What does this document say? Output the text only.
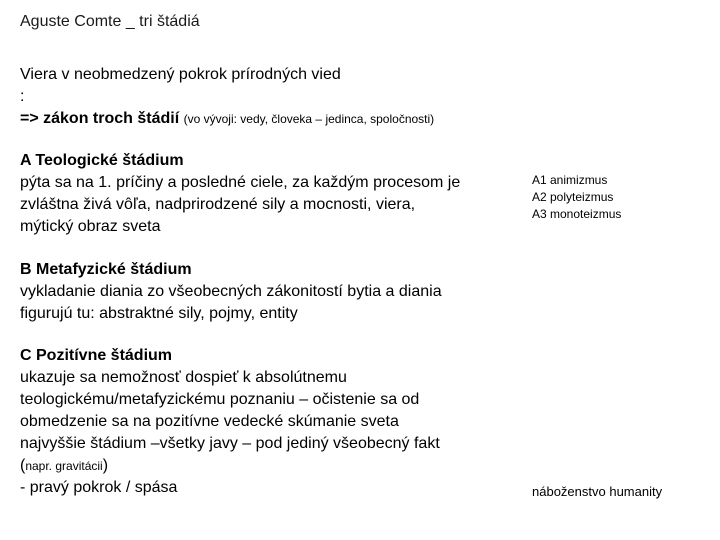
Aguste Comte _ tri štádiá
Viera v neobmedzený pokrok prírodných vied
:
=> zákon troch štádií (vo vývoji: vedy, človeka – jedinca, spoločnosti)
A Teologické štádium
pýta sa na 1. príčiny a posledné ciele, za každým procesom je
zvláštna živá vôľa, nadprirodzené sily a mocnosti, viera,
mýtický obraz sveta
A1 animizmus
A2 polyteizmus
A3 monoteizmus
B Metafyzické štádium
vykladanie diania zo všeobecných zákonitostí bytia a diania
figurujú tu: abstraktné sily, pojmy, entity
C Pozitívne štádium
ukazuje sa nemožnosť dospieť k absolútnemu
teologickému/metafyzickému poznaniu – očistenie sa od
obmedzenie sa na pozitívne vedecké skúmanie sveta
najvyššie štádium –všetky javy – pod jediný všeobecný fakt
(napr. gravitácii)
- pravý pokrok / spása	náboženstvo humanity
